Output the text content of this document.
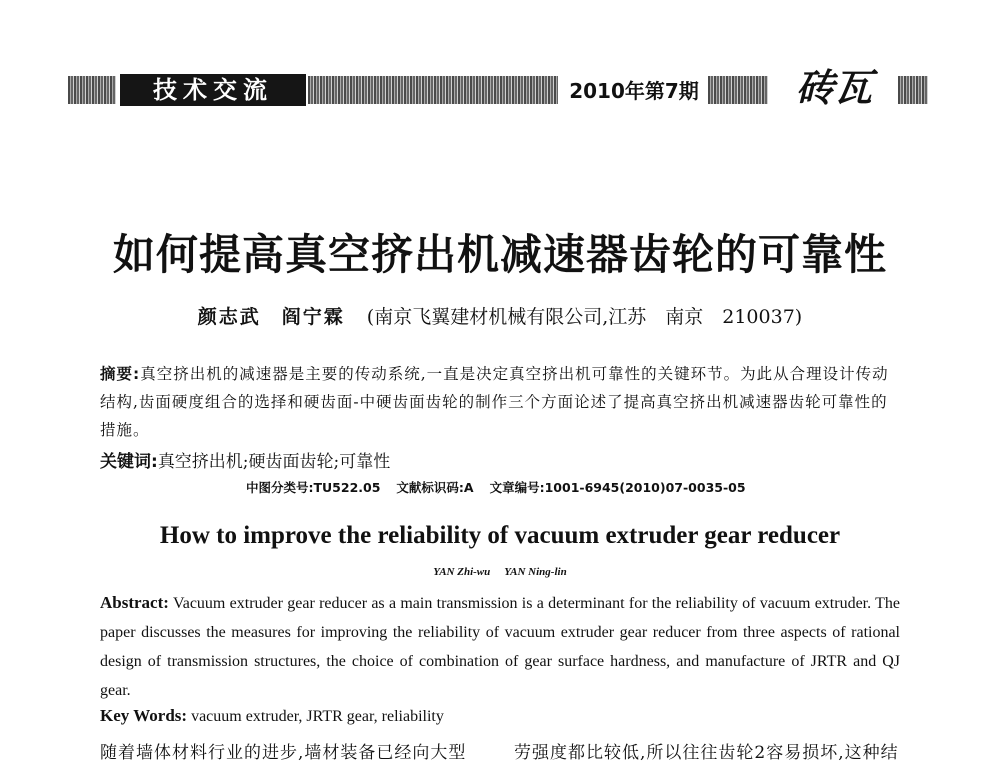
技术交流	2010年第7期	砖瓦
如何提高真空挤出机减速器齿轮的可靠性
颜志武　阎宁霖 (南京飞翼建材机械有限公司,江苏　南京　210037)
摘要:真空挤出机的减速器是主要的传动系统,一直是决定真空挤出机可靠性的关键环节。为此从合理设计传动结构,齿面硬度组合的选择和硬齿面-中硬齿面齿轮的制作三个方面论述了提高真空挤出机减速器齿轮可靠性的措施。
关键词:真空挤出机;硬齿面齿轮;可靠性
中图分类号:TU522.05 文献标识码:A 文章编号:1001-6945(2010)07-0035-05
How to improve the reliability of vacuum extruder gear reducer
YAN Zhi-wu YAN Ning-lin
Abstract: Vacuum extruder gear reducer as a main transmission is a determinant for the reliability of vacuum extruder. The paper discusses the measures for improving the reliability of vacuum extruder gear reducer from three aspects of rational design of transmission structures, the choice of combination of gear surface hardness, and manufacture of JRTR and QJ gear.
Key Words: vacuum extruder, JRTR gear, reliability
随着墙体材料行业的进步,墙材装备已经向大型	劳强度都比较低,所以往往齿轮2容易损坏,这种结
